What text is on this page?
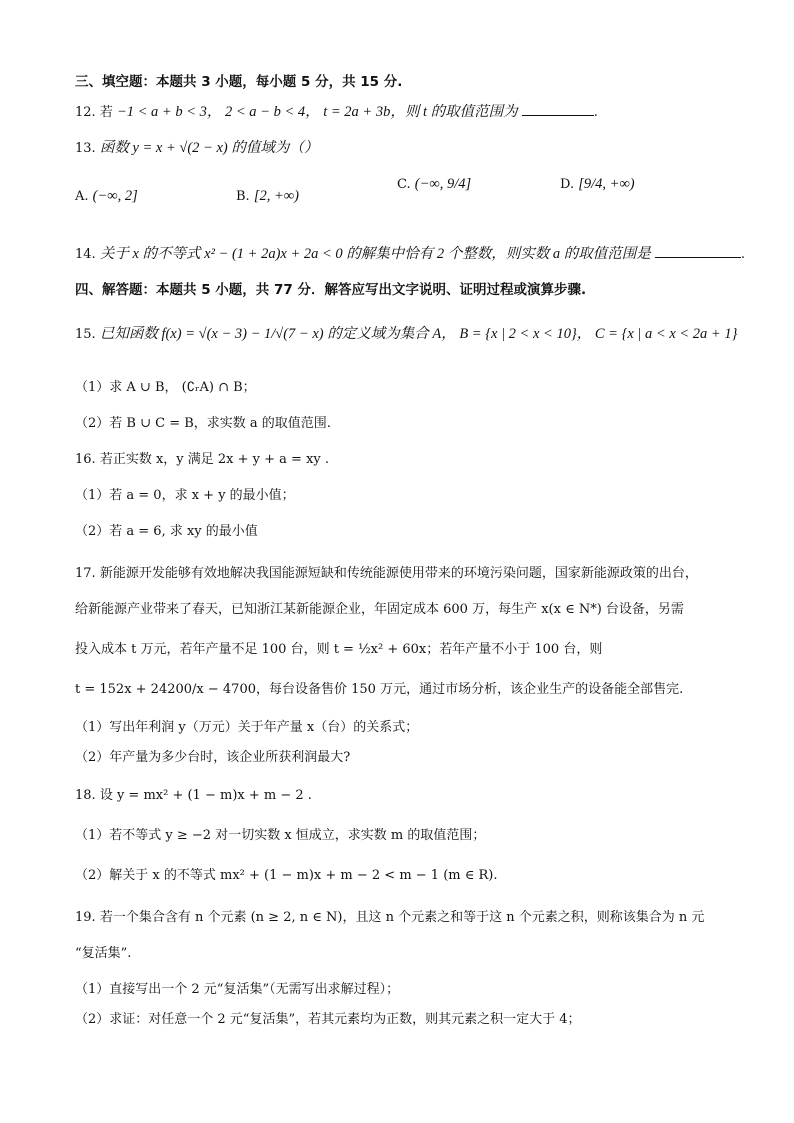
三、填空题：本题共 3 小题，每小题 5 分，共 15 分.
12. 若 −1 < a + b < 3， 2 < a − b < 4， t = 2a + 3b，则 t 的取值范围为	.
13. 函数 y = x + √(2 − x) 的值域为（）
A. (−∞, 2]	B. [2, +∞)
C. (−∞, 9/4]	D. [9/4, +∞)
14. 关于 x 的不等式 x² − (1 + 2a)x + 2a < 0 的解集中恰有 2 个整数，则实数 a 的取值范围是	.
四、解答题：本题共 5 小题，共 77 分．解答应写出文字说明、证明过程或演算步骤.
15. 已知函数 f(x) = √(x − 3) − 1/√(7 − x) 的定义域为集合 A， B = {x | 2 < x < 10}， C = {x | a < x < 2a + 1}
（1）求 A ∪ B， (∁ᵣA) ∩ B；
（2）若 B ∪ C = B，求实数 a 的取值范围.
16. 若正实数 x，y 满足 2x + y + a = xy .
（1）若 a = 0，求 x + y 的最小值；
（2）若 a = 6, 求 xy 的最小值
17. 新能源开发能够有效地解决我国能源短缺和传统能源使用带来的环境污染问题，国家新能源政策的出台，
给新能源产业带来了春天，已知浙江某新能源企业，年固定成本 600 万，每生产 x(x ∈ N*) 台设备，另需
投入成本 t 万元，若年产量不足 100 台，则 t = ½x² + 60x；若年产量不小于 100 台，则
t = 152x + 24200/x − 4700，每台设备售价 150 万元，通过市场分析，该企业生产的设备能全部售完.
（1）写出年利润 y（万元）关于年产量 x（台）的关系式；
（2）年产量为多少台时，该企业所获利润最大?
18. 设 y = mx² + (1 − m)x + m − 2 .
（1）若不等式 y ≥ −2 对一切实数 x 恒成立，求实数 m 的取值范围；
（2）解关于 x 的不等式 mx² + (1 − m)x + m − 2 < m − 1 (m ∈ R).
19. 若一个集合含有 n 个元素 (n ≥ 2, n ∈ N)，且这 n 个元素之和等于这 n 个元素之积，则称该集合为 n 元
“复活集”.
（1）直接写出一个 2 元“复活集”（无需写出求解过程）；
（2）求证：对任意一个 2 元“复活集”，若其元素均为正数，则其元素之积一定大于 4；
